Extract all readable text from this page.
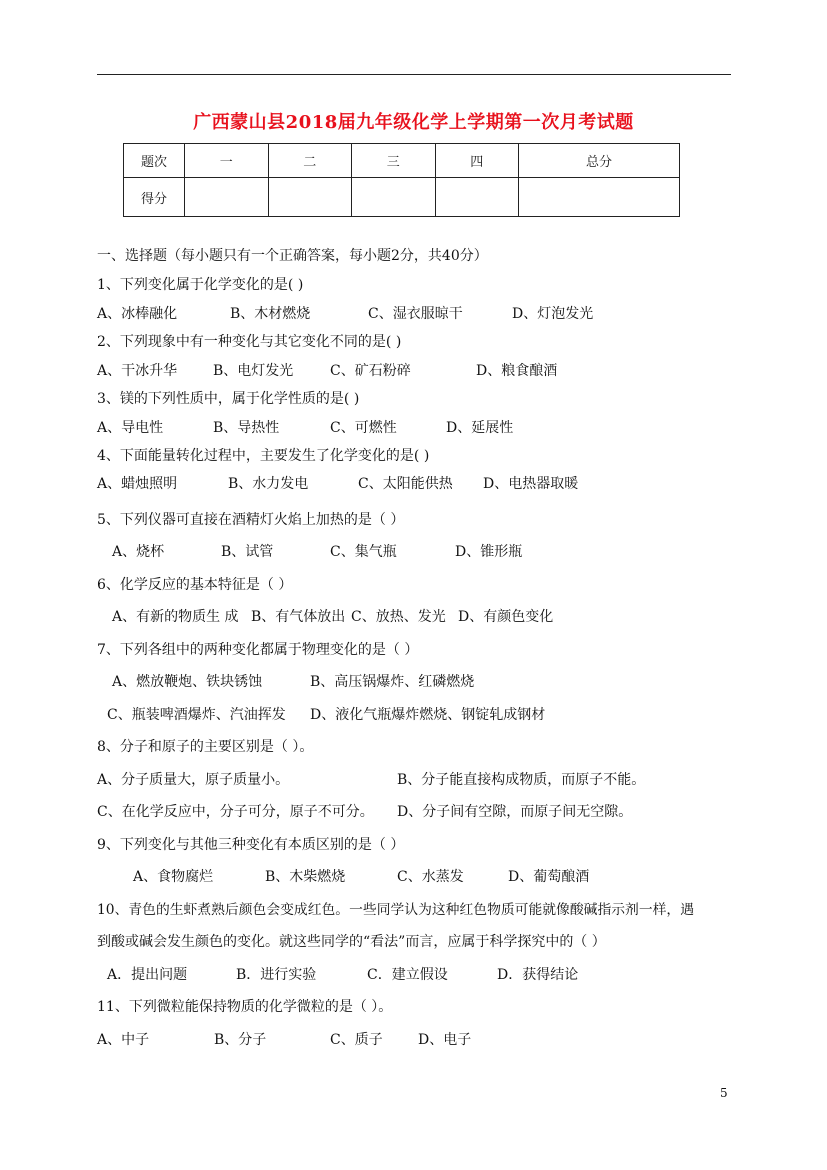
广西蒙山县2018届九年级化学上学期第一次月考试题
题次	一	二	三	四	总分
得分					
一、选择题（每小题只有一个正确答案，每小题2分，共40分）
1、下列变化属于化学变化的是( )
A、冰棒融化	B、木材燃烧	C、湿衣服晾干	D、灯泡发光
2、下列现象中有一种变化与其它变化不同的是( )
A、干冰升华	B、电灯发光	C、矿石粉碎	D、粮食酿酒
3、镁的下列性质中，属于化学性质的是( )
A、导电性	B、导热性	C、可燃性	D、延展性
4、下面能量转化过程中，主要发生了化学变化的是( )
A、蜡烛照明	B、水力发电	C、太阳能供热 D、电热器取暖
5、下列仪器可直接在酒精灯火焰上加热的是（ ）
A、烧杯	B、试管	C、集气瓶	D、锥形瓶
6、化学反应的基本特征是（ ）
A、有新的物质生 成 B、有气体放出 C、放热、发光 D、有颜色变化
7、下列各组中的两种变化都属于物理变化的是（ ）
A、燃放鞭炮、铁块锈蚀	B、高压锅爆炸、红磷燃烧
C、瓶装啤酒爆炸、汽油挥发 D、液化气瓶爆炸燃烧、钢锭轧成钢材
8、分子和原子的主要区别是（ ）。
A、分子质量大，原子质量小。	B、分子能直接构成物质，而原子不能。
C、在化学反应中，分子可分，原子不可分。 D、分子间有空隙，而原子间无空隙。
9、下列变化与其他三种变化有本质区别的是（ ）
A、食物腐烂	B、木柴燃烧	C、水蒸发	D、葡萄酿酒
10、青色的生虾煮熟后颜色会变成红色。一些同学认为这种红色物质可能就像酸碱指示剂一样，遇
到酸或碱会发生颜色的变化。就这些同学的“看法”而言，应属于科学探究中的（ ）
A．提出问题	B．进行实验	C．建立假设	D．获得结论
11、下列微粒能保持物质的化学微粒的是（ ）。
A、中子	B、分子	C、质子	D、电子
5
